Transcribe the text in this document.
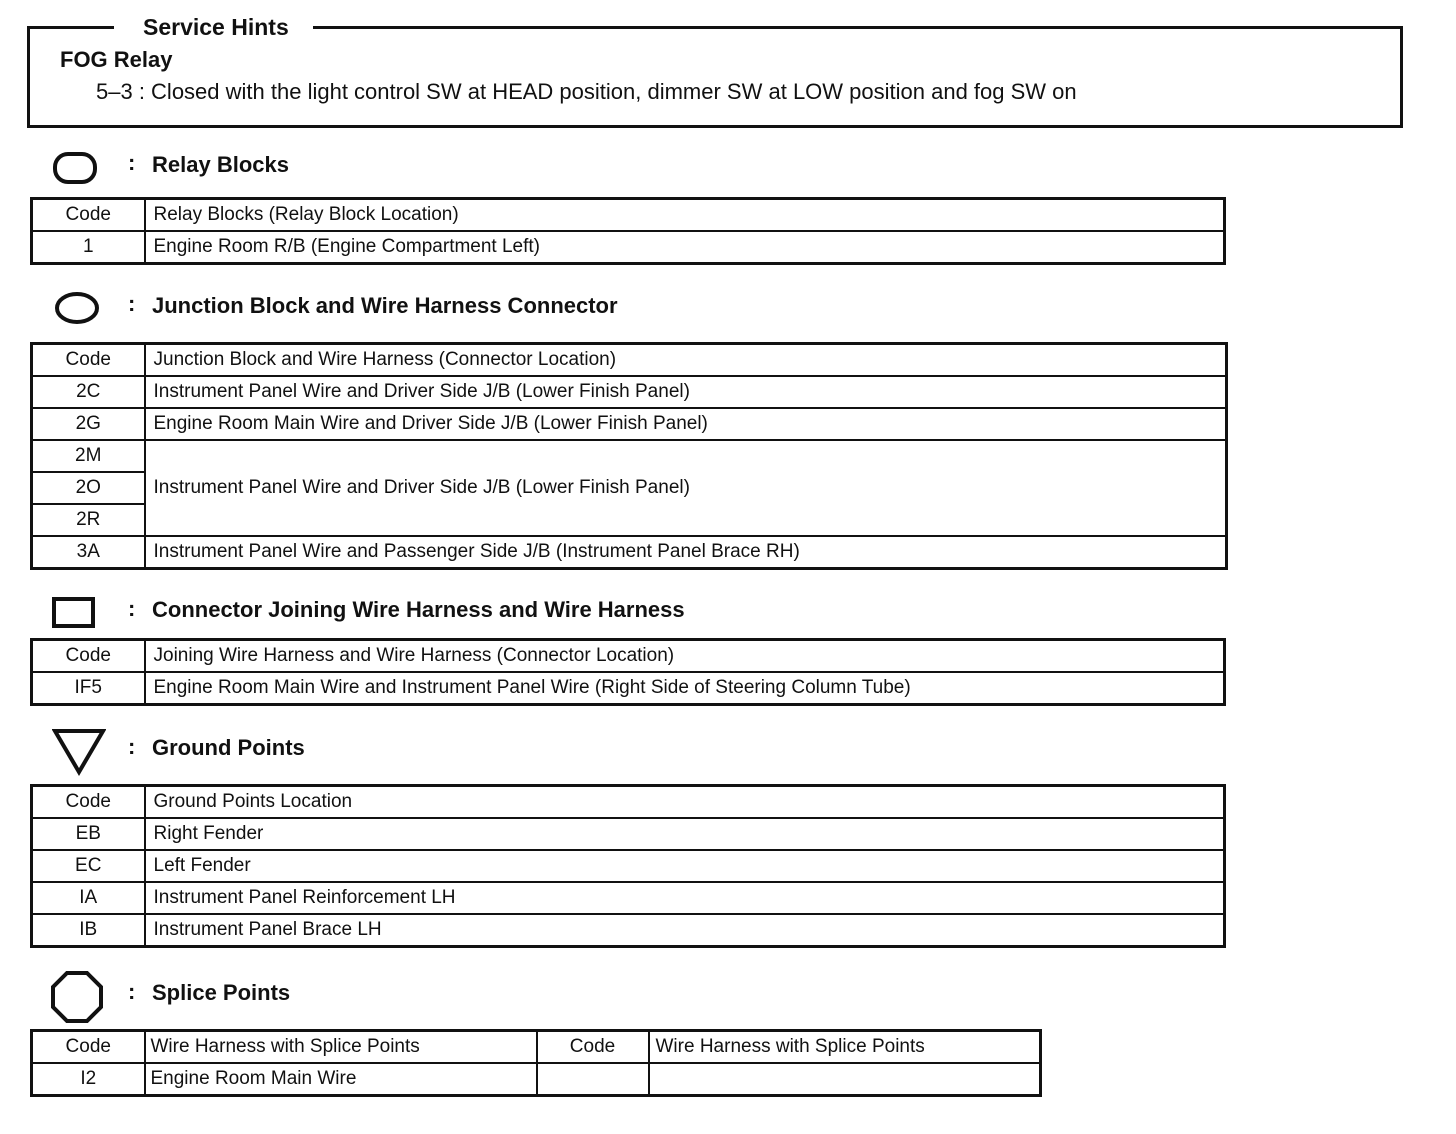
Service Hints
FOG Relay
5–3 : Closed with the light control SW at HEAD position, dimmer SW at LOW position and fog SW on
: Relay Blocks
Code	Relay Blocks (Relay Block Location)
1	Engine Room R/B (Engine Compartment Left)
: Junction Block and Wire Harness Connector
Code	Junction Block and Wire Harness (Connector Location)
2C	Instrument Panel Wire and Driver Side J/B (Lower Finish Panel)
2G	Engine Room Main Wire and Driver Side J/B (Lower Finish Panel)
2M	Instrument Panel Wire and Driver Side J/B (Lower Finish Panel)
2O	
2R	
3A	Instrument Panel Wire and Passenger Side J/B (Instrument Panel Brace RH)
: Connector Joining Wire Harness and Wire Harness
Code	Joining Wire Harness and Wire Harness (Connector Location)
IF5	Engine Room Main Wire and Instrument Panel Wire (Right Side of Steering Column Tube)
: Ground Points
Code	Ground Points Location
EB	Right Fender
EC	Left Fender
IA	Instrument Panel Reinforcement LH
IB	Instrument Panel Brace LH
: Splice Points
Code	Wire Harness with Splice Points	Code	Wire Harness with Splice Points
I2	Engine Room Main Wire		
